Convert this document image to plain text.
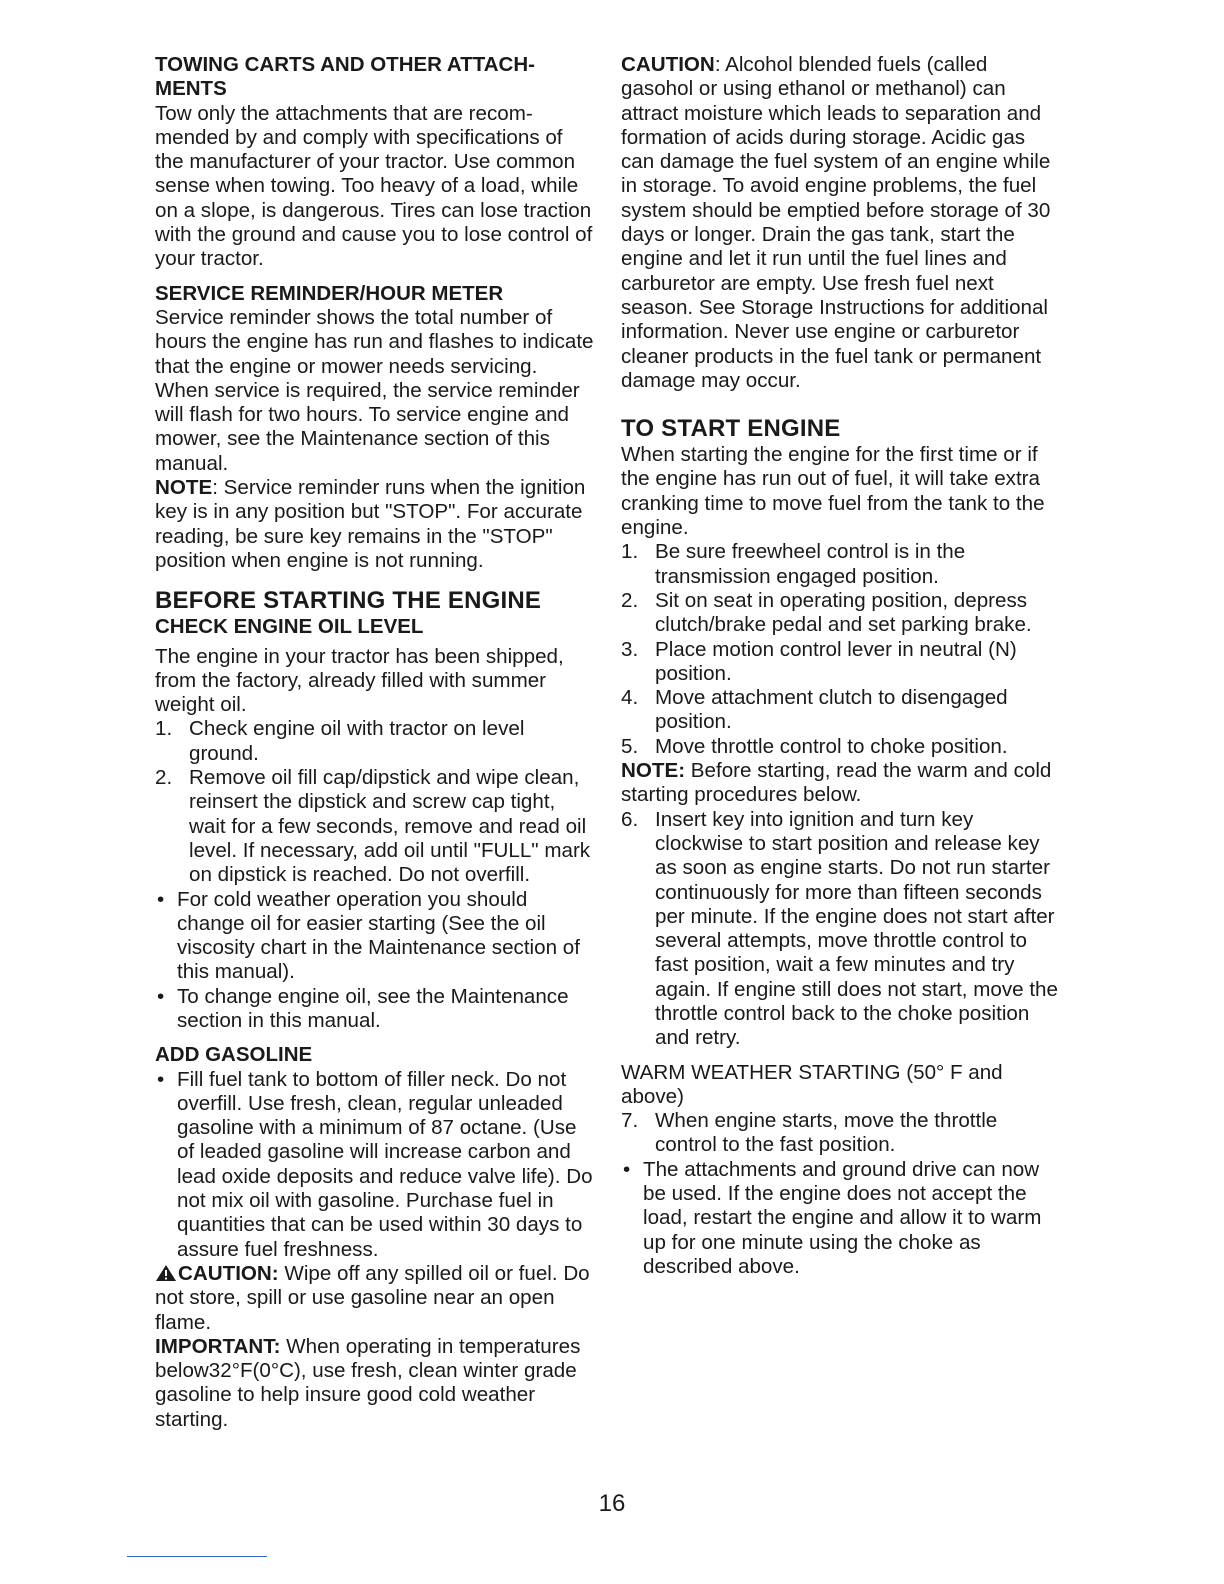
TOWING CARTS AND OTHER ATTACH-
MENTS

Tow only the attachments that are recommended by and comply with specifications of the manufacturer of your tractor. Use common sense when towing. Too heavy of a load, while on a slope, is dangerous. Tires can lose traction with the ground and cause you to lose control of your tractor.

SERVICE REMINDER/HOUR METER

Service reminder shows the total number of hours the engine has run and flashes to indicate that the engine or mower needs servicing. When service is required, the service reminder will flash for two hours. To service engine and mower, see the Maintenance section of this manual.

NOTE: Service reminder runs when the ignition key is in any position but "STOP". For accurate reading, be sure key remains in the "STOP" position when engine is not running.

BEFORE STARTING THE ENGINE
CHECK ENGINE OIL LEVEL

The engine in your tractor has been shipped, from the factory, already filled with summer weight oil.

1. Check engine oil with tractor on level ground.
2. Remove oil fill cap/dipstick and wipe clean, reinsert the dipstick and screw cap tight, wait for a few seconds, remove and read oil level. If necessary, add oil until "FULL" mark on dipstick is reached. Do not overfill.
• For cold weather operation you should change oil for easier starting (See the oil viscosity chart in the Maintenance section of this manual).
• To change engine oil, see the Maintenance section in this manual.
ADD GASOLINE
• Fill fuel tank to bottom of filler neck. Do not overfill. Use fresh, clean, regular unleaded gasoline with a minimum of 87 octane. (Use of leaded gasoline will increase carbon and lead oxide deposits and reduce valve life). Do not mix oil with gasoline. Purchase fuel in quantities that can be used within 30 days to assure fuel freshness.

CAUTION: Wipe off any spilled oil or fuel. Do not store, spill or use gasoline near an open flame.

IMPORTANT: When operating in temperatures below32°F(0°C), use fresh, clean winter grade gasoline to help insure good cold weather starting.

CAUTION: Alcohol blended fuels (called gasohol or using ethanol or methanol) can attract moisture which leads to separation and formation of acids during storage. Acidic gas can damage the fuel system of an engine while in storage. To avoid engine problems, the fuel system should be emptied before storage of 30 days or longer. Drain the gas tank, start the engine and let it run until the fuel lines and carburetor are empty. Use fresh fuel next season. See Storage Instructions for additional information. Never use engine or carburetor cleaner products in the fuel tank or permanent damage may occur.

TO START ENGINE

When starting the engine for the first time or if the engine has run out of fuel, it will take extra cranking time to move fuel from the tank to the engine.

1. Be sure freewheel control is in the transmission engaged position.
2. Sit on seat in operating position, depress clutch/brake pedal and set parking brake.
3. Place motion control lever in neutral (N) position.
4. Move attachment clutch to disengaged position.
5. Move throttle control to choke position.

NOTE: Before starting, read the warm and cold starting procedures below.

6. Insert key into ignition and turn key clockwise to start position and release key as soon as engine starts. Do not run starter continuously for more than fifteen seconds per minute. If the engine does not start after several attempts, move throttle control to fast position, wait a few minutes and try again. If engine still does not start, move the throttle control back to the choke position and retry.

WARM WEATHER STARTING (50° F and above)

7. When engine starts, move the throttle control to the fast position.
• The attachments and ground drive can now be used. If the engine does not accept the load, restart the engine and allow it to warm up for one minute using the choke as described above.
16
